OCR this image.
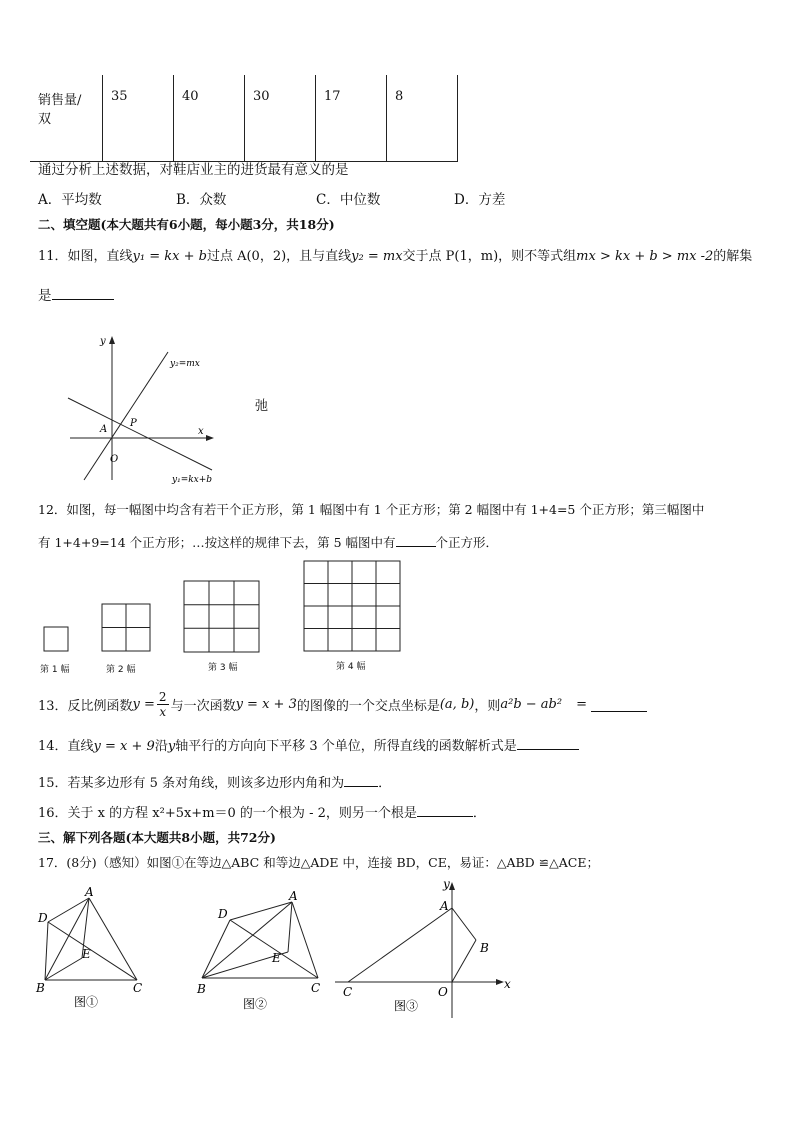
销售量/双	35	40	30	17	8
通过分析上述数据，对鞋店业主的进货最有意义的是
A．平均数	B．众数	C．中位数	D．方差
二、填空题(本大题共有6小题，每小题3分，共18分)
11．如图，直线y₁ = kx + b过点 A(0，2)，且与直线y₂ = mx交于点 P(1，m)，则不等式组mx > kx + b > mx -2的解集
是
y
x
O
A
P
y₂=mx
y₁=kx+b
弛
12．如图，每一幅图中均含有若干个正方形，第 1 幅图中有 1 个正方形；第 2 幅图中有 1+4=5 个正方形；第三幅图中
有 1+4+9=14 个正方形；…按这样的规律下去，第 5 幅图中有	个正方形．
第 1 幅	第 2 幅	第 3 幅	第 4 幅
13．反比例函数 $y = \frac{2}{x}$ 与一次函数 y = x + 3 的图像的一个交点坐标是 (a, b) ，则 a²b − ab² =
14．直线y = x + 9沿y轴平行的方向向下平移 3 个单位，所得直线的函数解析式是
15．若某多边形有 5 条对角线，则该多边形内角和为	．
16．关于 x 的方程 x²+5x+m＝0 的一个根为 - 2，则另一个根是	．
三、解下列各题(本大题共8小题，共72分)
17．(8分)（感知）如图①在等边△ABC 和等边△ADE 中，连接 BD，CE，易证：△ABD ≌△ACE；
A
B	C
D
E
图①
A
B	C
D
E
图②
A
B
C	O
x
y
图③
